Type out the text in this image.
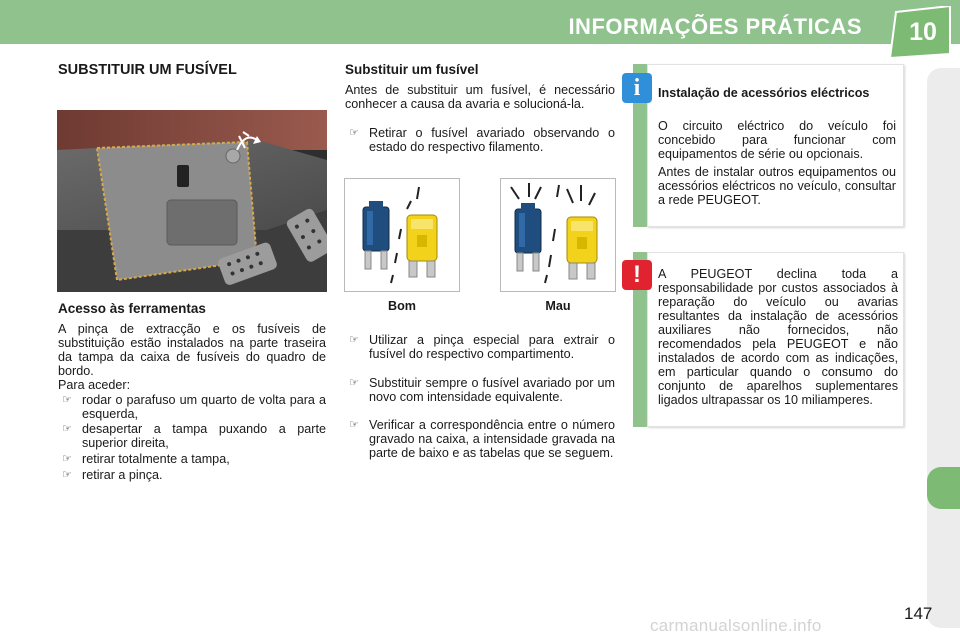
INFORMAÇÕES PRÁTICAS	10
SUBSTITUIR UM FUSÍVEL
Acesso às ferramentas
A pinça de extracção e os fusíveis de substituição estão instalados na parte traseira da tampa da caixa de fusíveis do quadro de bordo.
Para aceder:
☞ rodar o parafuso um quarto de volta para a esquerda,
☞ desapertar a tampa puxando a parte superior direita,
☞ retirar totalmente a tampa,
☞ retirar a pinça.
Substituir um fusível
Antes de substituir um fusível, é necessário conhecer a causa da avaria e solucioná-la.
☞ Retirar o fusível avariado observando o estado do respectivo filamento.
Bom	Mau
☞ Utilizar a pinça especial para extrair o fusível do respectivo compartimento.
☞ Substituir sempre o fusível avariado por um novo com intensidade equivalente.
☞ Verificar a correspondência entre o número gravado na caixa, a intensidade gravada na parte de baixo e as tabelas que se seguem.
Instalação de acessórios eléctricos
O circuito eléctrico do veículo foi concebido para funcionar com equipamentos de série ou opcionais.
Antes de instalar outros equipamentos ou acessórios eléctricos no veículo, consultar a rede PEUGEOT.
i
A PEUGEOT declina toda a responsabilidade por custos associados à reparação do veículo ou avarias resultantes da instalação de acessórios auxiliares não fornecidos, não recomendados pela PEUGEOT e não instalados de acordo com as indicações, em particular quando o consumo do conjunto de aparelhos suplementares ligados ultrapassar os 10 miliamperes.
!
147
carmanualsonline.info
